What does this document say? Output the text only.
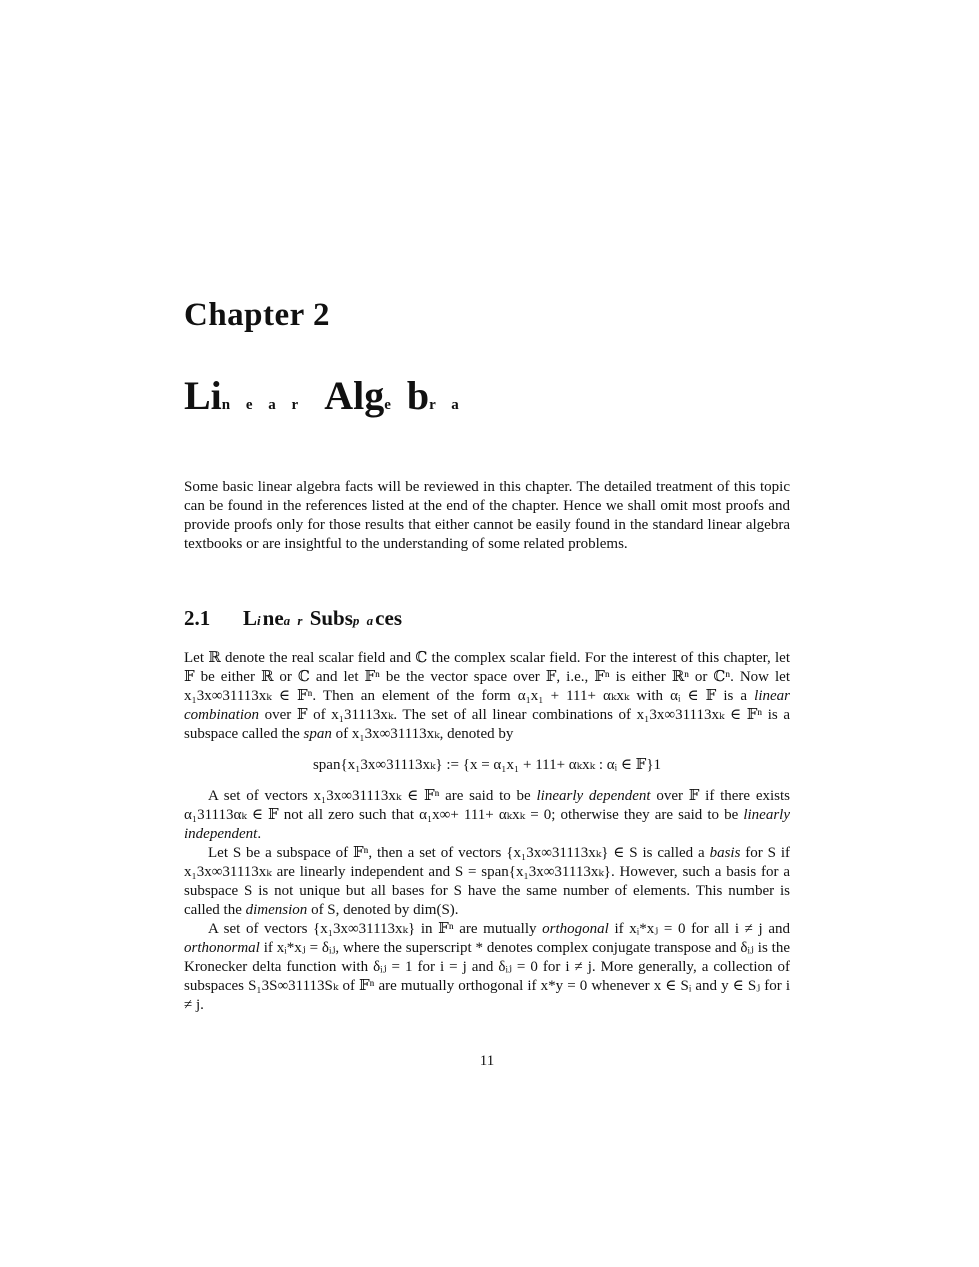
Chapter 2
Lin e a r Alge br a

Some basic linear algebra facts will be reviewed in this chapter. The detailed treatment of this topic can be found in the references listed at the end of the chapter. Hence we shall omit most proofs and provide proofs only for those results that either cannot be easily found in the standard linear algebra textbooks or are insightful to the understanding of some related problems.

2.1 Linea r Subsp aces

Let ℝ denote the real scalar field and ℂ the complex scalar field. For the interest of this chapter, let 𝔽 be either ℝ or ℂ and let 𝔽ⁿ be the vector space over 𝔽, i.e., 𝔽ⁿ is either ℝⁿ or ℂⁿ. Now let x₁3x∞31113xₖ ∈ 𝔽ⁿ. Then an element of the form α₁x₁ + 111+ αₖxₖ with αᵢ ∈ 𝔽 is a linear combination over 𝔽 of x₁31113xₖ. The set of all linear combinations of x₁3x∞31113xₖ ∈ 𝔽ⁿ is a subspace called the span of x₁3x∞31113xₖ, denoted by

span{x₁3x∞31113xₖ} := {x = α₁x₁ + 111+ αₖxₖ : αᵢ ∈ 𝔽}1

A set of vectors x₁3x∞31113xₖ ∈ 𝔽ⁿ are said to be linearly dependent over 𝔽 if there exists α₁31113αₖ ∈ 𝔽 not all zero such that α₁x∞+ 111+ αₖxₖ = 0; otherwise they are said to be linearly independent.

Let S be a subspace of 𝔽ⁿ, then a set of vectors {x₁3x∞31113xₖ} ∈ S is called a basis for S if x₁3x∞31113xₖ are linearly independent and S = span{x₁3x∞31113xₖ}. However, such a basis for a subspace S is not unique but all bases for S have the same number of elements. This number is called the dimension of S, denoted by dim(S).

A set of vectors {x₁3x∞31113xₖ} in 𝔽ⁿ are mutually orthogonal if xᵢ*xⱼ = 0 for all i ≠ j and orthonormal if xᵢ*xⱼ = δᵢⱼ, where the superscript * denotes complex conjugate transpose and δᵢⱼ is the Kronecker delta function with δᵢⱼ = 1 for i = j and δᵢⱼ = 0 for i ≠ j. More generally, a collection of subspaces S₁3S∞31113Sₖ of 𝔽ⁿ are mutually orthogonal if x*y = 0 whenever x ∈ Sᵢ and y ∈ Sⱼ for i ≠ j.

11
